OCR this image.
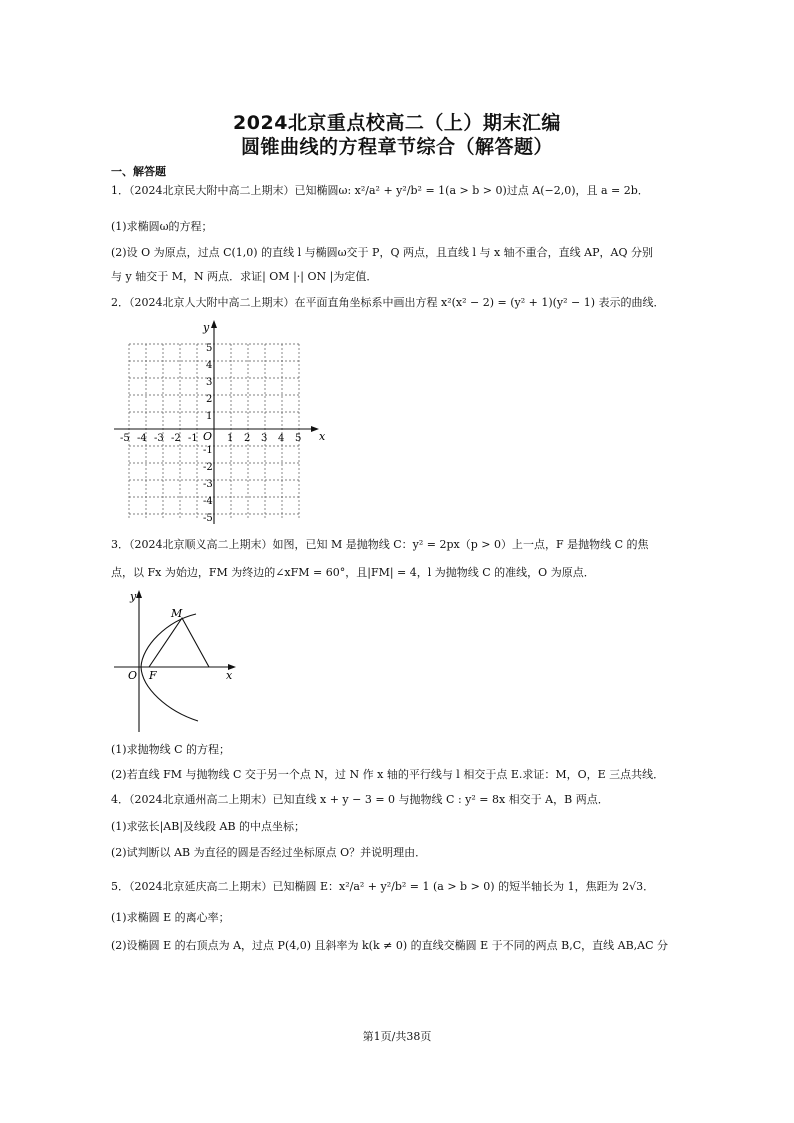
2024北京重点校高二（上）期末汇编
圆锥曲线的方程章节综合（解答题）
一、解答题
1．（2024北京民大附中高二上期末）已知椭圆ω: x²/a² + y²/b² = 1(a > b > 0)过点 A(−2,0)，且 a = 2b．
(1)求椭圆ω的方程；
(2)设 O 为原点，过点 C(1,0) 的直线 l 与椭圆ω交于 P，Q 两点，且直线 l 与 x 轴不重合，直线 AP，AQ 分别
与 y 轴交于 M，N 两点．求证| OM |·| ON |为定值．
2．（2024北京人大附中高二上期末）在平面直角坐标系中画出方程 x²(x² − 2) = (y² + 1)(y² − 1) 表示的曲线．
x
y
O
-5 -4 -3 -2 -1	1 2 3 4 5
5
4
3
2
1
-1
-2
-3
-4
-5
3．（2024北京顺义高二上期末）如图，已知 M 是抛物线 C：y² = 2px（p > 0）上一点，F 是抛物线 C 的焦
点，以 Fx 为始边，FM 为终边的∠xFM = 60°，且|FM| = 4，l 为抛物线 C 的准线，O 为原点．
y
x
O F
M
(1)求抛物线 C 的方程；
(2)若直线 FM 与抛物线 C 交于另一个点 N，过 N 作 x 轴的平行线与 l 相交于点 E.求证：M，O，E 三点共线．
4．（2024北京通州高二上期末）已知直线 x + y − 3 = 0 与抛物线 C : y² = 8x 相交于 A，B 两点．
(1)求弦长|AB|及线段 AB 的中点坐标；
(2)试判断以 AB 为直径的圆是否经过坐标原点 O？并说明理由．
5．（2024北京延庆高二上期末）已知椭圆 E：x²/a² + y²/b² = 1 (a > b > 0) 的短半轴长为 1，焦距为 2√3．
(1)求椭圆 E 的离心率；
(2)设椭圆 E 的右顶点为 A，过点 P(4,0) 且斜率为 k(k ≠ 0) 的直线交椭圆 E 于不同的两点 B,C，直线 AB,AC 分
第1页/共38页
